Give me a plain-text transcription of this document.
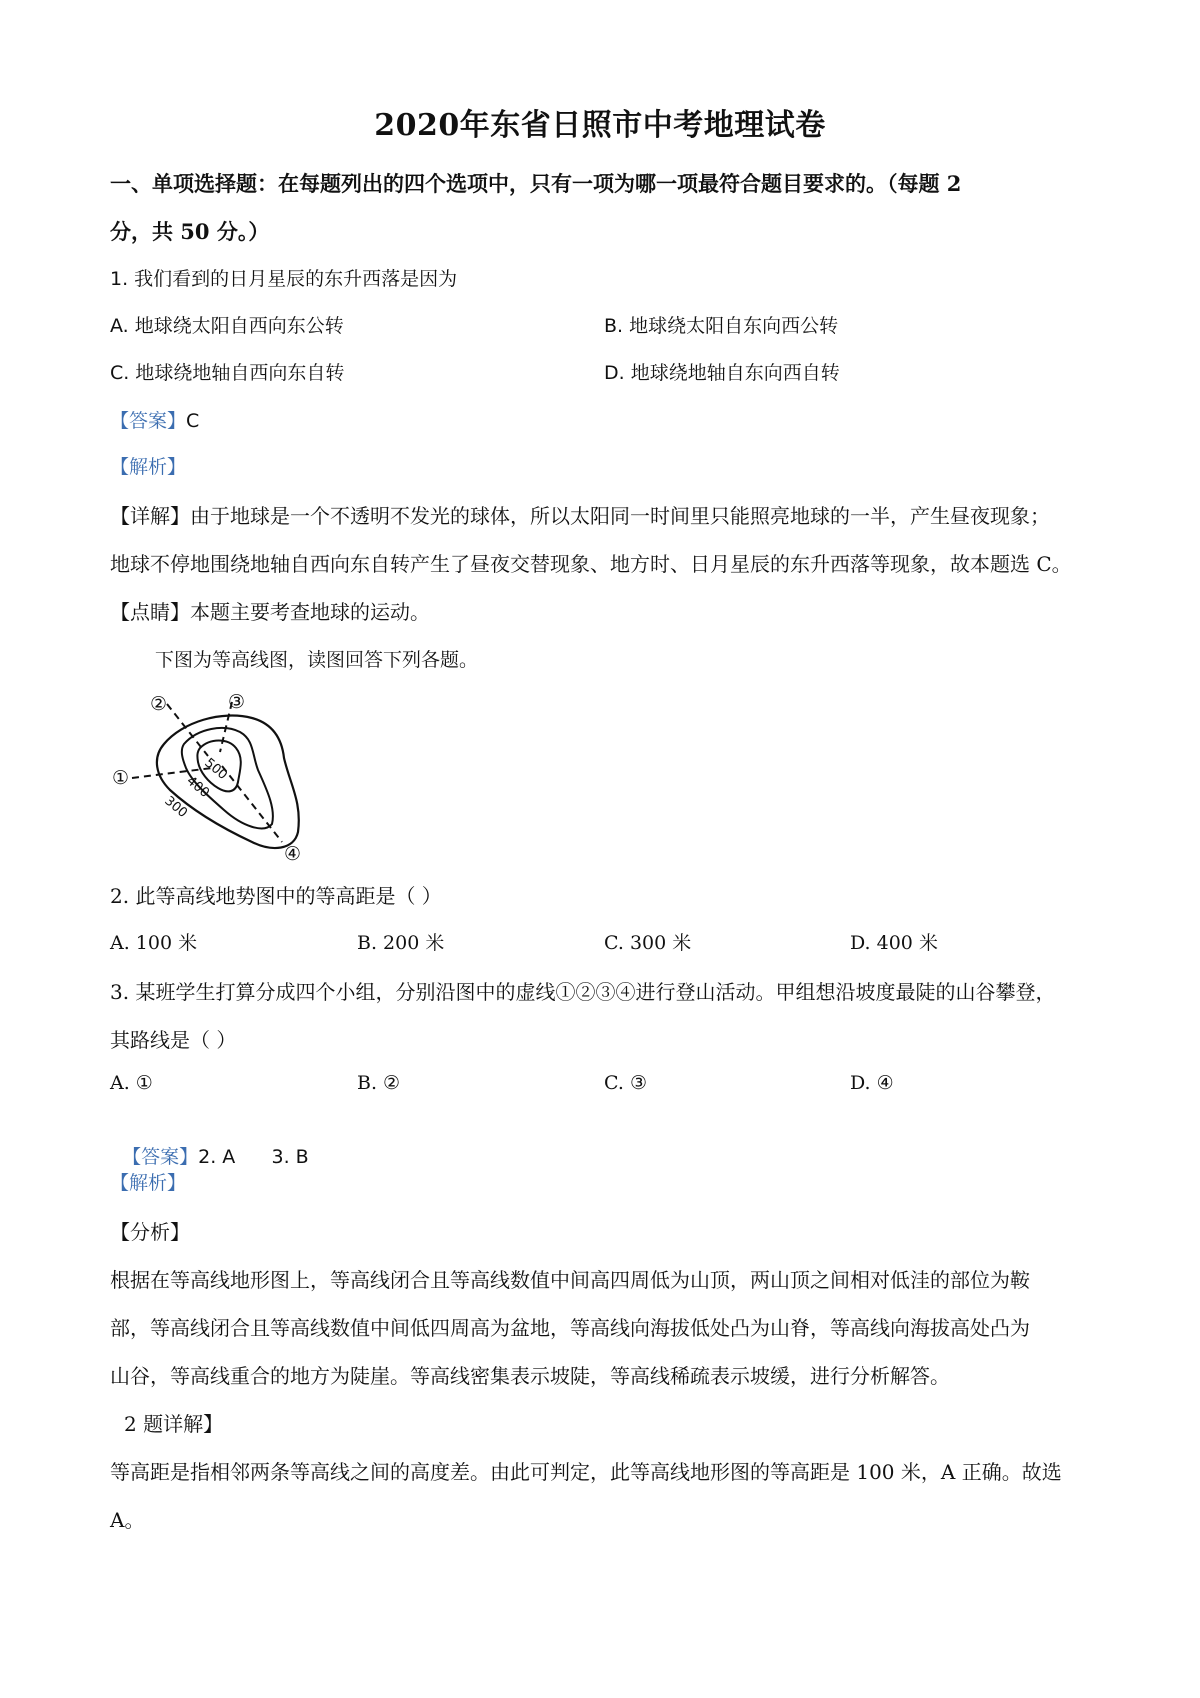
2020年东省日照市中考地理试卷
一、单项选择题：在每题列出的四个选项中，只有一项为哪一项最符合题目要求的。（每题 2
分，共 50 分。）
1. 我们看到的日月星辰的东升西落是因为
A. 地球绕太阳自西向东公转	B. 地球绕太阳自东向西公转
C. 地球绕地轴自西向东自转	D. 地球绕地轴自东向西自转
【答案】C
【解析】
【详解】由于地球是一个不透明不发光的球体，所以太阳同一时间里只能照亮地球的一半，产生昼夜现象；
地球不停地围绕地轴自西向东自转产生了昼夜交替现象、地方时、日月星辰的东升西落等现象，故本题选 C。
【点睛】本题主要考查地球的运动。
下图为等高线图，读图回答下列各题。
①
②	③
④
300
400
500
2. 此等高线地势图中的等高距是（ ）
A. 100 米	B. 200 米	C. 300 米	D. 400 米
3. 某班学生打算分成四个小组，分别沿图中的虚线①②③④进行登山活动。甲组想沿坡度最陡的山谷攀登，
其路线是（ ）
A. ①	B. ②	C. ③	D. ④

【答案】2. A      3. B

【解析】
【分析】
根据在等高线地形图上，等高线闭合且等高线数值中间高四周低为山顶，两山顶之间相对低洼的部位为鞍
部，等高线闭合且等高线数值中间低四周高为盆地，等高线向海拔低处凸为山脊，等高线向海拔高处凸为
山谷，等高线重合的地方为陡崖。等高线密集表示坡陡，等高线稀疏表示坡缓，进行分析解答。
2 题详解】
等高距是指相邻两条等高线之间的高度差。由此可判定，此等高线地形图的等高距是 100 米，A 正确。故选
A。
